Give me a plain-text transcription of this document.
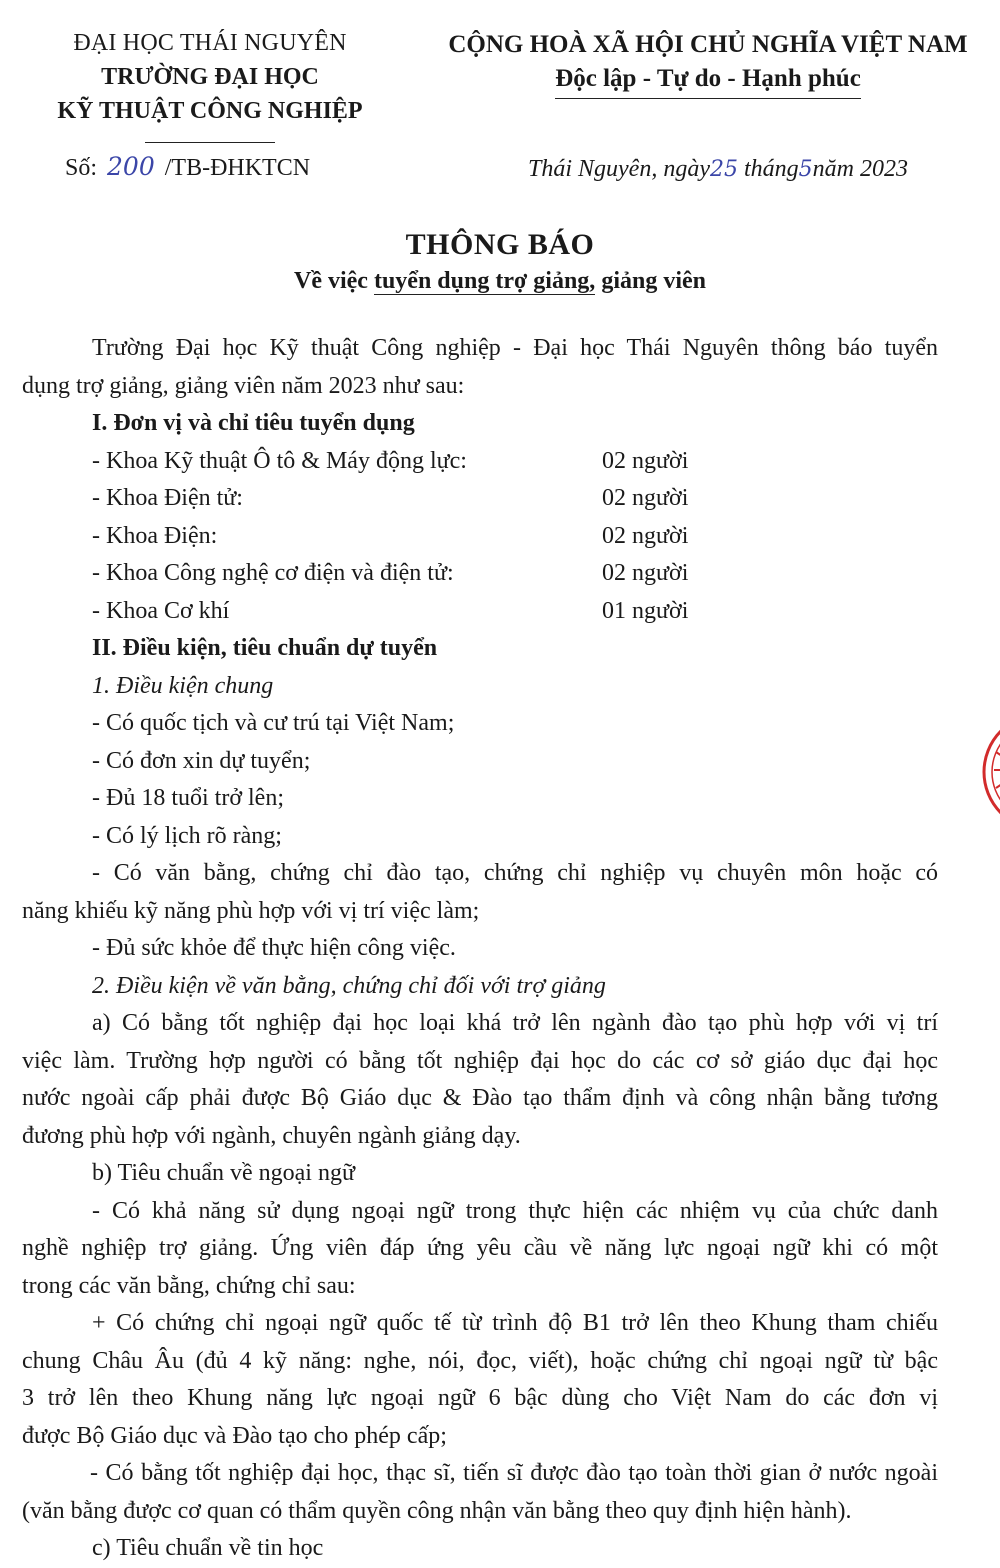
ĐẠI HỌC THÁI NGUYÊN
TRƯỜNG ĐẠI HỌC
KỸ THUẬT CÔNG NGHIỆP
CỘNG HOÀ XÃ HỘI CHỦ NGHĨA VIỆT NAM
Độc lập - Tự do - Hạnh phúc
Số: 200 /TB-ĐHKTCN	Thái Nguyên, ngày25 tháng5năm 2023
THÔNG BÁO
Về việc tuyển dụng trợ giảng, giảng viên
Trường Đại học Kỹ thuật Công nghiệp - Đại học Thái Nguyên thông báo tuyển
dụng trợ giảng, giảng viên năm 2023 như sau:
I. Đơn vị và chỉ tiêu tuyển dụng
- Khoa Kỹ thuật Ô tô & Máy động lực:	02 người
- Khoa Điện tử:	02 người
- Khoa Điện:	02 người
- Khoa Công nghệ cơ điện và điện tử:	02 người
- Khoa Cơ khí	01 người
II. Điều kiện, tiêu chuẩn dự tuyển
1. Điều kiện chung
- Có quốc tịch và cư trú tại Việt Nam;
- Có đơn xin dự tuyển;
- Đủ 18 tuổi trở lên;
- Có lý lịch rõ ràng;
- Có văn bằng, chứng chỉ đào tạo, chứng chỉ nghiệp vụ chuyên môn hoặc có
năng khiếu kỹ năng phù hợp với vị trí việc làm;
- Đủ sức khỏe để thực hiện công việc.
2. Điều kiện về văn bằng, chứng chỉ đối với trợ giảng
a) Có bằng tốt nghiệp đại học loại khá trở lên ngành đào tạo phù hợp với vị trí
việc làm. Trường hợp người có bằng tốt nghiệp đại học do các cơ sở giáo dục đại học
nước ngoài cấp phải được Bộ Giáo dục & Đào tạo thẩm định và công nhận bằng tương
đương phù hợp với ngành, chuyên ngành giảng dạy.
b) Tiêu chuẩn về ngoại ngữ
- Có khả năng sử dụng ngoại ngữ trong thực hiện các nhiệm vụ của chức danh
nghề nghiệp trợ giảng. Ứng viên đáp ứng yêu cầu về năng lực ngoại ngữ khi có một
trong các văn bằng, chứng chỉ sau:
+ Có chứng chỉ ngoại ngữ quốc tế từ trình độ B1 trở lên theo Khung tham chiếu
chung Châu Âu (đủ 4 kỹ năng: nghe, nói, đọc, viết), hoặc chứng chỉ ngoại ngữ từ bậc
3 trở lên theo Khung năng lực ngoại ngữ 6 bậc dùng cho Việt Nam do các đơn vị
được Bộ Giáo dục và Đào tạo cho phép cấp;
- Có bằng tốt nghiệp đại học, thạc sĩ, tiến sĩ được đào tạo toàn thời gian ở nước ngoài
(văn bằng được cơ quan có thẩm quyền công nhận văn bằng theo quy định hiện hành).
c) Tiêu chuẩn về tin học
